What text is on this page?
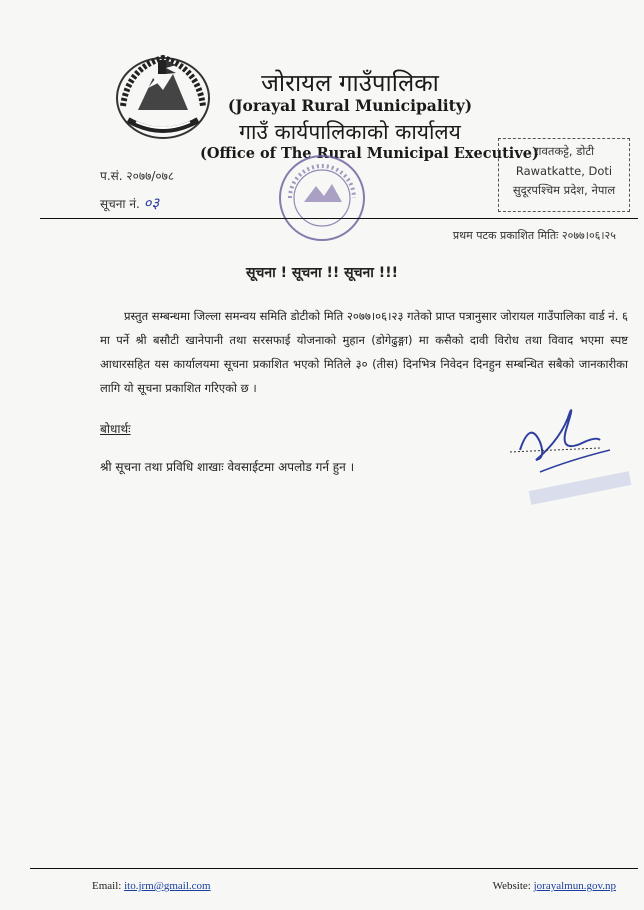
जोरायल गाउँपालिका
(Jorayal Rural Municipality)
गाउँ कार्यपालिकाको कार्यालय
(Office of The Rural Municipal Executive)
प.सं. २०७७/०७८
सूचना नं. ०३
रावतकट्टे, डोटी
Rawatkatte, Doti
सुदूरपश्चिम प्रदेश, नेपाल
प्रथम पटक प्रकाशित मितिः २०७७।०६।२५
सूचना ! सूचना !! सूचना !!!

प्रस्तुत सम्बन्धमा जिल्ला समन्वय समिति डोटीको मिति २०७७।०६।२३ गतेको प्राप्त पत्रानुसार जोरायल गाउँपालिका वार्ड नं. ६ मा पर्ने श्री बसौटी खानेपानी तथा सरसफाई योजनाको मुहान (डोगेढुङ्गा) मा कसैको दावी विरोध तथा विवाद भएमा स्पष्ट आधारसहित यस कार्यालयमा सूचना प्रकाशित भएको मितिले ३० (तीस) दिनभित्र निवेदन दिनहुन सम्बन्धित सबैको जानकारीका लागि यो सूचना प्रकाशित गरिएको छ ।

बोधार्थः
श्री सूचना तथा प्रविधि शाखाः वेवसाईटमा अपलोड गर्न हुन ।
Email: ito.jrm@gmail.com	Website: jorayalmun.gov.np
